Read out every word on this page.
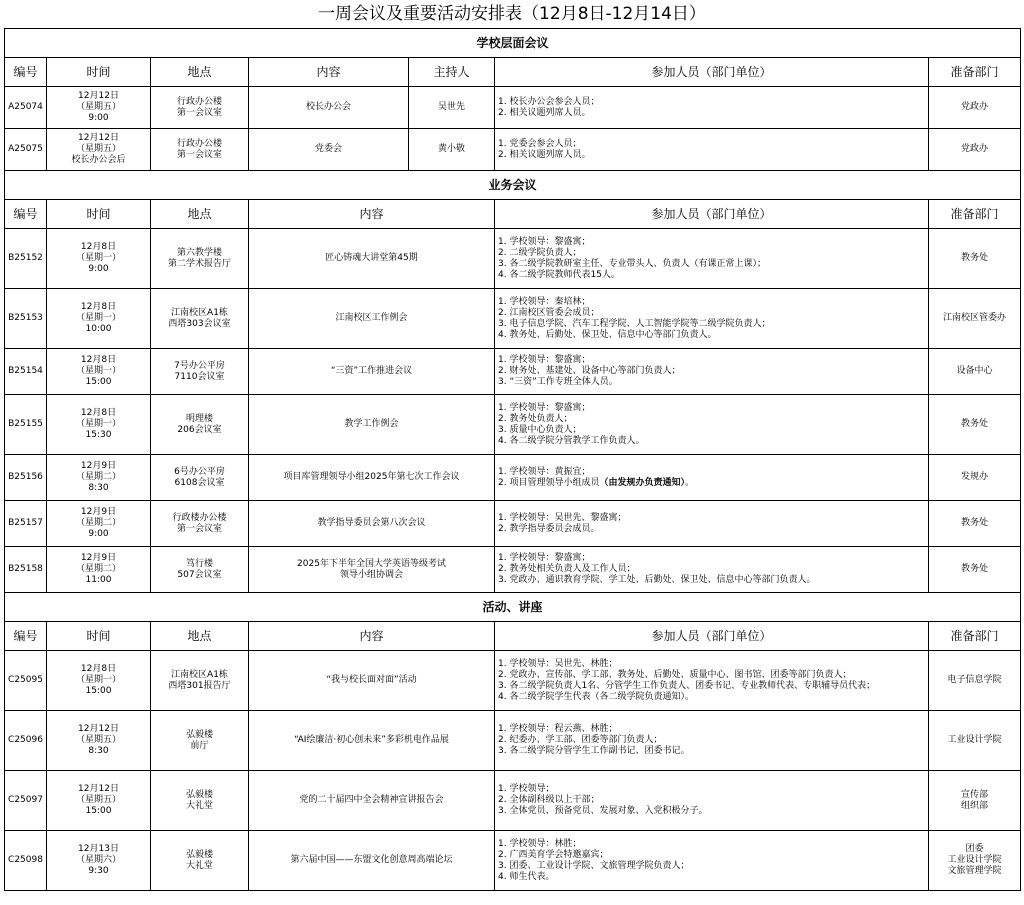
一周会议及重要活动安排表（12月8日-12月14日）
学校层面会议						
编号	时间	地点	内容	主持人	参加人员（部门单位）	准备部门
A25074	12月12日
（星期五）
9:00	行政办公楼
第一会议室	校长办公会	吴世先	1. 校长办公会参会人员；
2. 相关议题列席人员。	党政办

A25075	12月12日
（星期五）
校长办公会后	行政办公楼
第一会议室	党委会	黄小敬	1. 党委会参会人员；
2. 相关议题列席人员。	党政办

业务会议						
编号	时间	地点	内容		参加人员（部门单位）	准备部门
B25152	12月8日
（星期一）
9:00	第六教学楼
第二学术报告厅	匠心铸魂大讲堂第45期		1. 学校领导：黎盛寓；
2. 二级学院负责人；
3. 各二级学院教研室主任、专业带头人、负责人（有课正常上课）；
4. 各二级学院教师代表15人。	教务处

B25153	12月8日
（星期一）
10:00	江南校区A1栋
西塔303会议室	江南校区工作例会		1. 学校领导：秦培林；
2. 江南校区管委会成员；
3. 电子信息学院、汽车工程学院、人工智能学院等二级学院负责人；
4. 教务处、后勤处、保卫处、信息中心等部门负责人。	江南校区管委办

B25154	12月8日
（星期一）
15:00	7号办公平房
7110会议室	“三资”工作推进会议		1. 学校领导：黎盛寓；
2. 财务处、基建处、设备中心等部门负责人；
3. “三资”工作专班全体人员。	设备中心

B25155	12月8日
（星期一）
15:30	明理楼
206会议室	教学工作例会		1. 学校领导：黎盛寓；
2. 教务处负责人；
3. 质量中心负责人；
4. 各二级学院分管教学工作负责人。	教务处

B25156	12月9日
（星期二）
8:30	6号办公平房
6108会议室	项目库管理领导小组2025年第七次工作会议		1. 学校领导：黄振宜；
2. 项目管理领导小组成员（由发规办负责通知）。	发规办

B25157	12月9日
（星期二）
9:00	行政楼办公楼
第一会议室	教学指导委员会第八次会议		1. 学校领导：吴世先、黎盛寓；
2. 教学指导委员会成员。	教务处

B25158	12月9日
（星期二）
11:00	笃行楼
507会议室	2025年下半年全国大学英语等级考试
领导小组协调会		1. 学校领导：黎盛寓；
2. 教务处相关负责人及工作人员；
3. 党政办、通识教育学院、学工处、后勤处、保卫处、信息中心等部门负责人。	教务处

活动、讲座						
编号	时间	地点	内容		参加人员（部门单位）	准备部门
C25095	12月8日
（星期一）
15:00	江南校区A1栋
西塔301报告厅	“我与校长面对面”活动		1. 学校领导：吴世先、林胜；
2. 党政办、宣传部、学工部、教务处、后勤处、质量中心、图书馆、团委等部门负责人；
3. 各二级学院负责人1名、分管学生工作负责人、团委书记、专业教师代表、专职辅导员代表；
4. 各二级学院学生代表（各二级学院负责通知）。	电子信息学院

C25096	12月12日
（星期五）
8:30	弘毅楼
前厅	“AI绘廉洁·初心创未来”多彩机电作品展		1. 学校领导：程云燕、林胜；
2. 纪委办、学工部、团委等部门负责人；
3. 各二级学院分管学生工作副书记、团委书记。	工业设计学院

C25097	12月12日
（星期五）
15:00	弘毅楼
大礼堂	党的二十届四中全会精神宣讲报告会		1. 学校领导；
2. 全体副科级以上干部；
3. 全体党员、预备党员、发展对象、入党积极分子。	宣传部
组织部

C25098	12月13日
（星期六）
9:30	弘毅楼
大礼堂	第六届中国——东盟文化创意周高端论坛		1. 学校领导：林胜；
2. 广西美育学会特邀嘉宾；
3. 团委、工业设计学院、文旅管理学院负责人；
4. 师生代表。	团委
工业设计学院
文旅管理学院
